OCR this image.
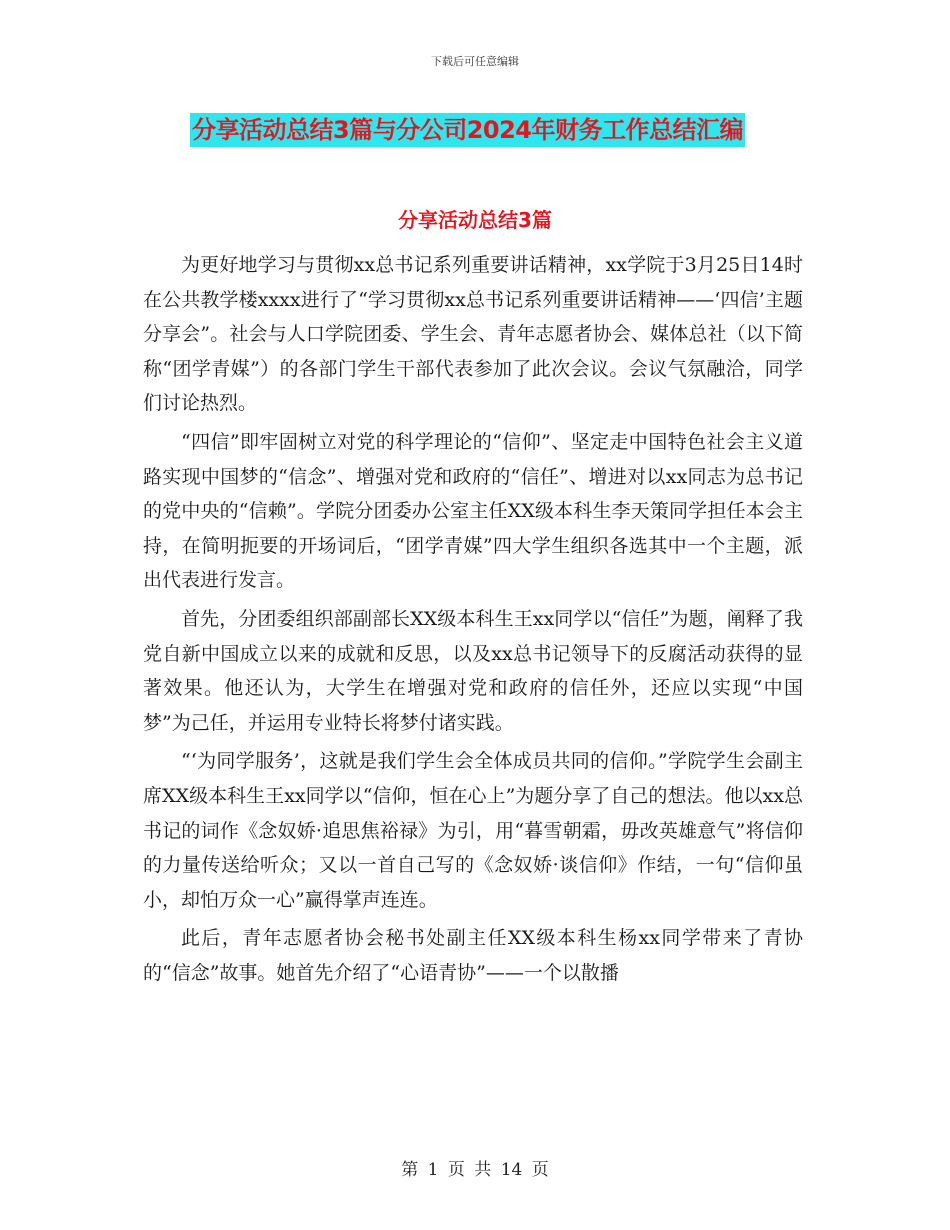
下载后可任意编辑
分享活动总结3篇与分公司2024年财务工作总结汇编
分享活动总结3篇

为更好地学习与贯彻xx总书记系列重要讲话精神，xx学院于3月25日14时在公共教学楼xxxx进行了“学习贯彻xx总书记系列重要讲话精神——‘四信’主题分享会”。社会与人口学院团委、学生会、青年志愿者协会、媒体总社（以下简称“团学青媒”）的各部门学生干部代表参加了此次会议。会议气氛融洽，同学们讨论热烈。

“四信”即牢固树立对党的科学理论的“信仰”、坚定走中国特色社会主义道路实现中国梦的“信念”、增强对党和政府的“信任”、增进对以xx同志为总书记的党中央的“信赖”。学院分团委办公室主任XX级本科生李天策同学担任本会主持，在简明扼要的开场词后，“团学青媒”四大学生组织各选其中一个主题，派出代表进行发言。

首先，分团委组织部副部长XX级本科生王xx同学以“信任”为题，阐释了我党自新中国成立以来的成就和反思，以及xx总书记领导下的反腐活动获得的显著效果。他还认为，大学生在增强对党和政府的信任外，还应以实现“中国梦”为己任，并运用专业特长将梦付诸实践。

“‘为同学服务’，这就是我们学生会全体成员共同的信仰。”学院学生会副主席XX级本科生王xx同学以“信仰，恒在心上”为题分享了自己的想法。他以xx总书记的词作《念奴娇·追思焦裕禄》为引，用“暮雪朝霜，毋改英雄意气”将信仰的力量传送给听众；又以一首自己写的《念奴娇·谈信仰》作结，一句“信仰虽小，却怕万众一心”赢得掌声连连。

此后，青年志愿者协会秘书处副主任XX级本科生杨xx同学带来了青协的“信念”故事。她首先介绍了“心语青协”——一个以散播

第 1 页 共 14 页
